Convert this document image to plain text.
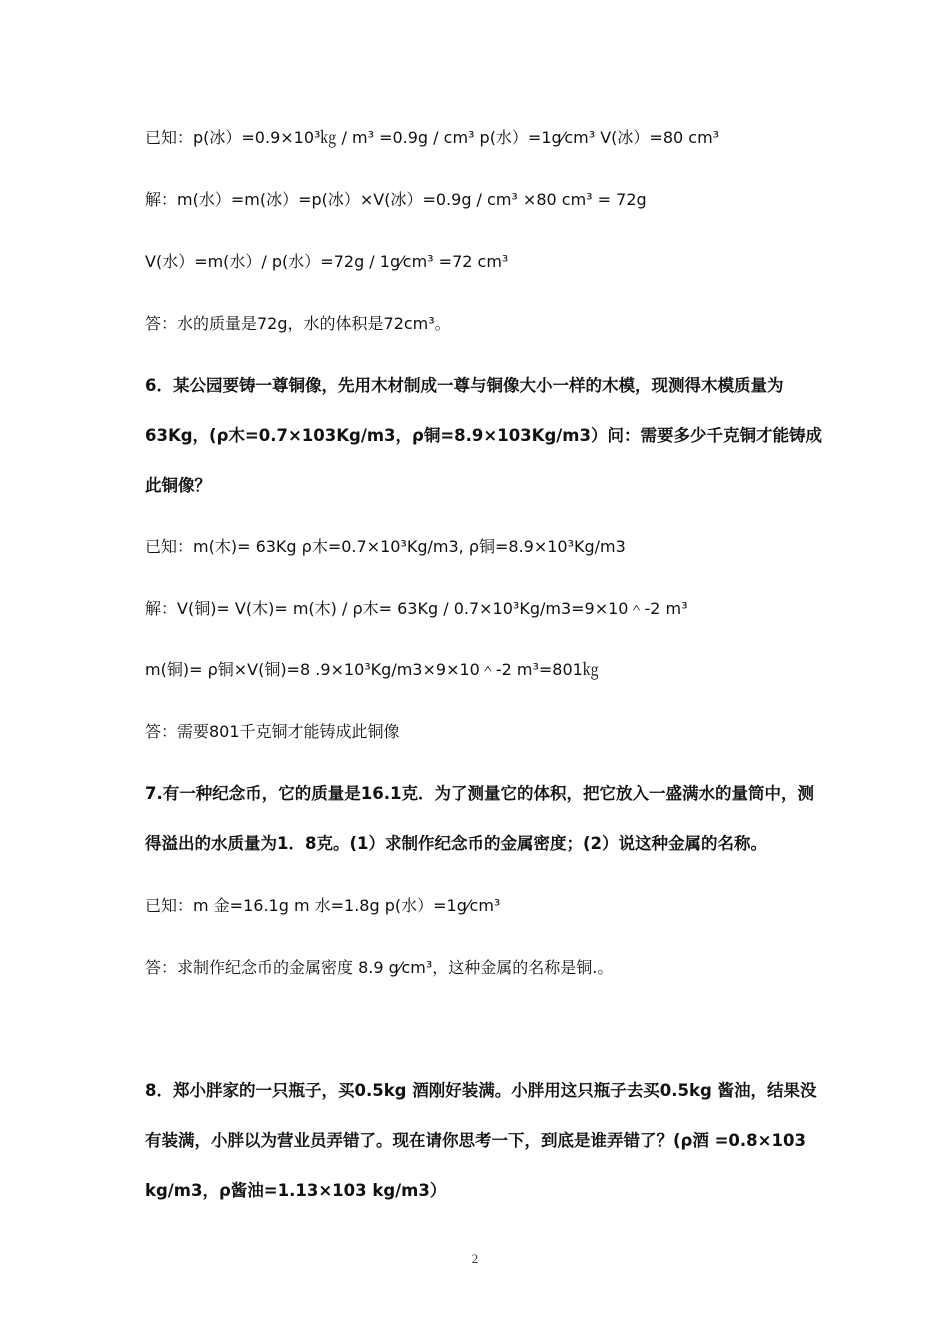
已知：p(冰）=0.9×10³㎏ / m³ =0.9g / cm³ p(水）=1g⁄cm³ V(冰）=80 cm³
解：m(水）=m(冰）=p(冰）×V(冰）=0.9g / cm³ ×80 cm³ = 72g
V(水）=m(水）/ p(水）=72g / 1g⁄cm³ =72 cm³
答：水的质量是72g，水的体积是72cm³。
6．某公园要铸一尊铜像，先用木材制成一尊与铜像大小一样的木模，现测得木模质量为
63Kg，(ρ木=0.7×103Kg/m3，ρ铜=8.9×103Kg/m3）问：需要多少千克铜才能铸成
此铜像？
已知：m(木)= 63Kg ρ木=0.7×10³Kg/m3, ρ铜=8.9×10³Kg/m3
解：V(铜)= V(木)= m(木) / ρ木= 63Kg / 0.7×10³Kg/m3=9×10＾-2 m³
m(铜)= ρ铜×V(铜)=8 .9×10³Kg/m3×9×10＾-2 m³=801㎏
答：需要801千克铜才能铸成此铜像
7.有一种纪念币，它的质量是16.1克．为了测量它的体积，把它放入一盛满水的量筒中，测
得溢出的水质量为1．8克。(1）求制作纪念币的金属密度；(2）说这种金属的名称。
已知：m 金=16.1g m 水=1.8g p(水）=1g⁄cm³
答：求制作纪念币的金属密度 8.9 g⁄cm³，这种金属的名称是铜.。
8．郑小胖家的一只瓶子，买0.5kg 酒刚好装满。小胖用这只瓶子去买0.5kg 酱油，结果没
有装满，小胖以为营业员弄错了。现在请你思考一下，到底是谁弄错了？(ρ酒 =0.8×103
kg/m3，ρ酱油=1.13×103 kg/m3）
2
